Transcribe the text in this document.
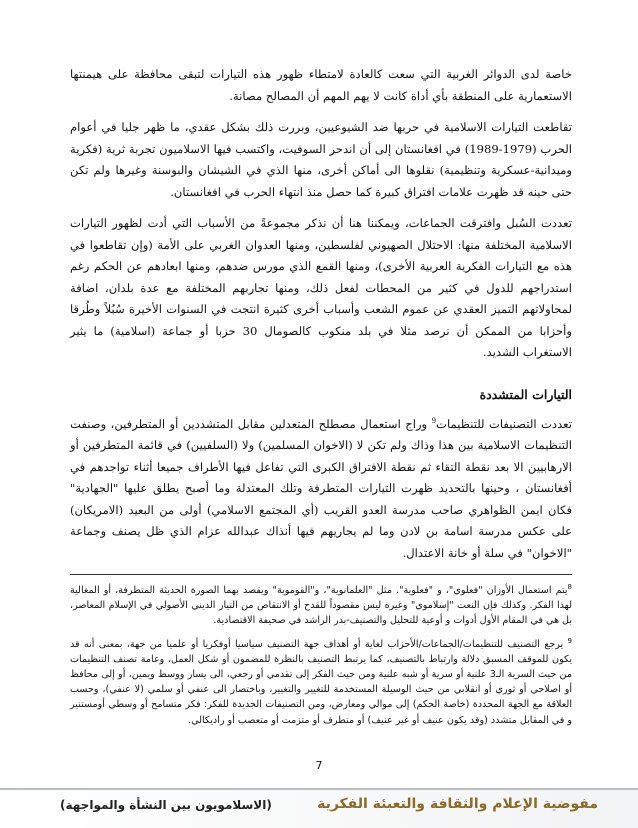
خاصة لدى الدوائر الغربية التي سعت كالعادة لامتطاء ظهور هذه التيارات لتبقى محافظة على هيمنتها الاستعمارية على المنطقة بأي أداة كانت لا يهم المهم أن المصالح مصانة.

تقاطعت التيارات الاسلامية في حربها ضد الشيوعيين، وبررت ذلك بشكل عقدي، ما ظهر جليا في أعوام الحرب (1979-1989) في افغانستان إلى أن اندحر السوفيت، واكتسب فيها الاسلاميون تجربة ثرية (فكرية وميدانية-عسكرية وتنظيمية) نقلوها الى أماكن أخرى، منها الذي في الشيشان والبوسنة وغيرها ولم تكن حتى حينه قد ظهرت علامات افتراق كبيرة كما حصل منذ انتهاء الحرب في افغانستان.

تعددت السُبل وافترقت الجماعات، ويمكننا هنا أن نذكر مجموعةً من الأسباب التي أدت لظهور التيارات الاسلامية المختلفة منها: الاحتلال الصهيوني لفلسطين، ومنها العدوان الغربي على الأمة (وإن تقاطعوا في هذه مع التيارات الفكرية العربية الأخرى)، ومنها القمع الذي مورس ضدهم، ومنها ابعادهم عن الحكم رغم استدراجهم للدول في كثير من المحطات لفعل ذلك، ومنها تجاربهم المختلفة مع عدة بلدان، اضافة لمحاولاتهم التميز العقدي عن عموم الشعب وأسباب أخرى كثيرة انتجت في السنوات الأخيرة سُبُلاً وطُرقا وأحزابا من الممكن أن نرصد مثلا في بلد منكوب كالصومال 30 حزبا أو جماعة (اسلامية) ما يثير الاستغراب الشديد.

التيارات المتشددة

تعددت التصنيفات للتنظيمات$^9$ وراج استعمال مصطلح المتعدلين مقابل المتشددين أو المتطرفين، وصنفت التنظيمات الاسلامية بين هذا وذاك ولم تكن لا (الاخوان المسلمين) ولا (السلفيين) في قائمة المتطرفين أو الارهابيين الا بعد نقطة التقاء ثم نقطة الافتراق الكبرى التي تفاعل فيها الأطراف جميعا أثناء تواجدهم في أفغانستان ، وحينها بالتحديد ظهرت التيارات المتطرفة وتلك المعتدلة وما أصبح يطلق عليها "الجهادية" فكان ايمن الظواهري صاحب مدرسة العدو القريب (أي المجتمع الاسلامي) أولى من البعيد (الامريكان) على عكس مدرسة اسامة بن لادن وما لم يجاريهم فيها أنذاك عبدالله عزام الذي ظل يصنف وجماعة "الاخوان" في سلة أو خانة الاعتدال.

$^8$يتم استعمال الأوزان "فعلوي"، و "فعلوية". مثل "العلمانوية"، و"القوموية" ويقصد بهما الصورة الحديثة المتطرفة، أو المغالية لهذا الفكر. وكذلك فإن النعت "إسلاموي" وغيره ليس مقصوداً للقدح أو الانتقاص من التيار الديني الأصولي في الإسلام المعاصر، بل هي في المقام الأول أدوات و أوعية للتحليل والتصنيف-بدر الراشد في صحيفة الاقتصادية.

$^9$ يرجع التصنيف للتنظيمات/الجماعات/الأحزاب لغاية أو أهداف جهة التصنيف سياسيا أوفكريا أو علميا من جهة، بمعنى أنه قد يكون للموقف المسبق دلالة وارتباط بالتصنيف، كما يرتبط التصنيف بالنظرة للمضمون أو شكل العمل، وعامة تصنف التنظيمات من حيث السرية الـ3 علنية أو سرية أو شبه علنية ومن حيث الفكر إلى تقدمي أو رجعي، الى يسار ووسط ويمين، أو إلى محافظ أو اصلاحي أو ثوري أو انقلابي من حيث الوسيلة المستخدمة للتغيير والتغيير، وباختصار الى عنفي أو سلمي (لا عنفي)، وحسب العلاقة مع الجهة المحددة (خاصة الحكم) إلى موالي ومعارض، ومن التصنيفات الجديدة للفكر: فكر متسامح أو وسطي أومستنير و في المقابل متشدد (وقد يكون عنيف أو غير عنيف) أو متطرف أو متزمت أو متعصب أو راديكالي.

7
(الاسلامويون بين النشأة والمواجهة)	مفوضية الإعلام والثقافة والتعبئة الفكرية
